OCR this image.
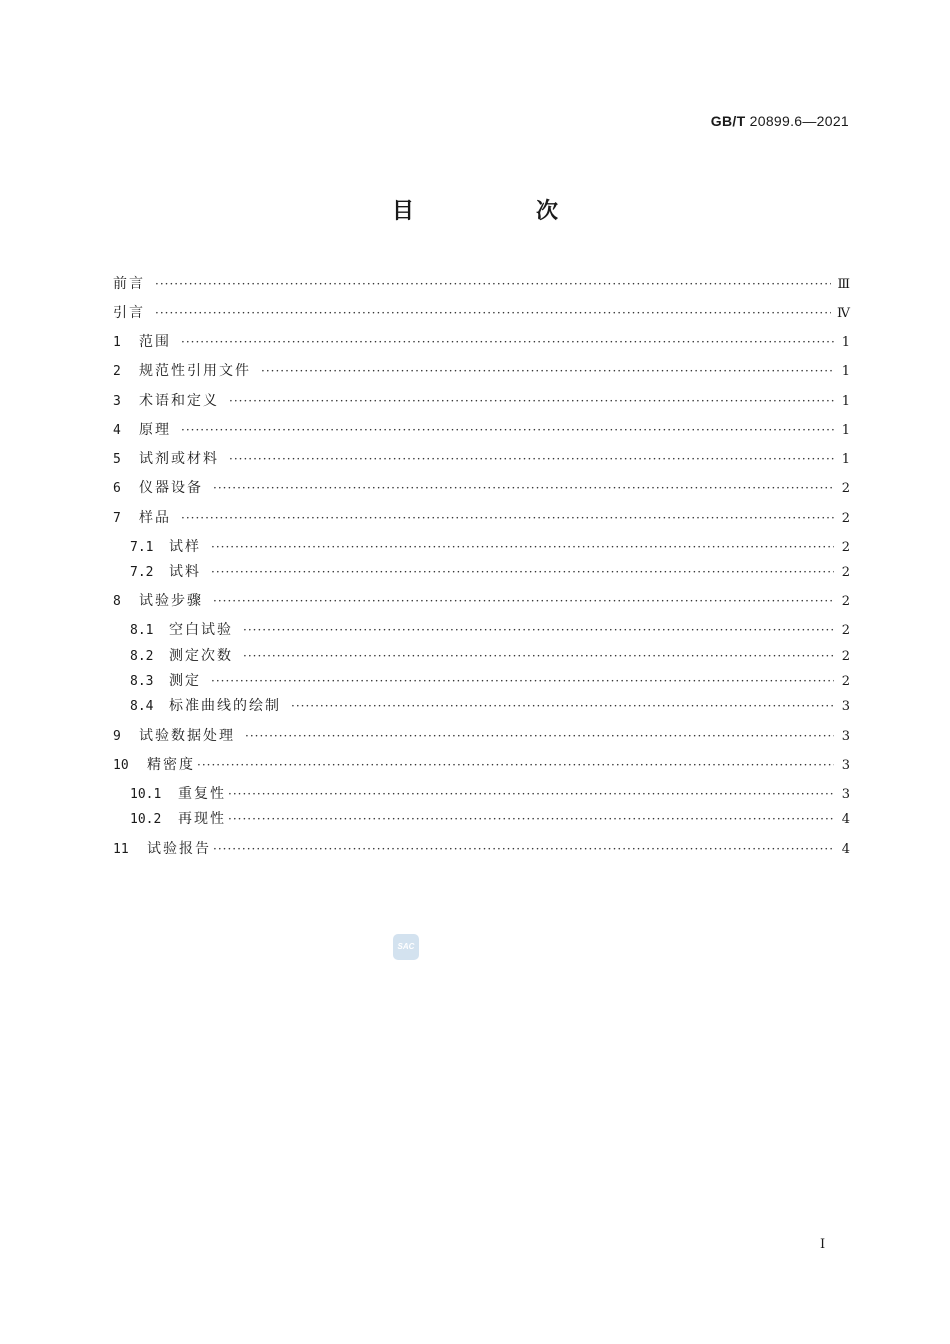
GB/T 20899.6—2021
目　次
前言 ·····	Ⅲ
引言 ·····	Ⅳ
1	范围 ·····	1
2	规范性引用文件 ·····	1
3	术语和定义 ·····	1
4	原理 ·····	1
5	试剂或材料 ·····	1
6	仪器设备 ·····	2
7	样品 ·····	2
7.1	试样 ·····	2
7.2	试料 ·····	2
8	试验步骤 ·····	2
8.1	空白试验 ·····	2
8.2	测定次数 ·····	2
8.3	测定 ·····	2
8.4	标准曲线的绘制 ·····	3
9	试验数据处理 ·····	3
10	精密度 ·····	3
10.1	重复性 ·····	3
10.2	再现性 ·····	4
11	试验报告 ·····	4
SAC
Ⅰ
